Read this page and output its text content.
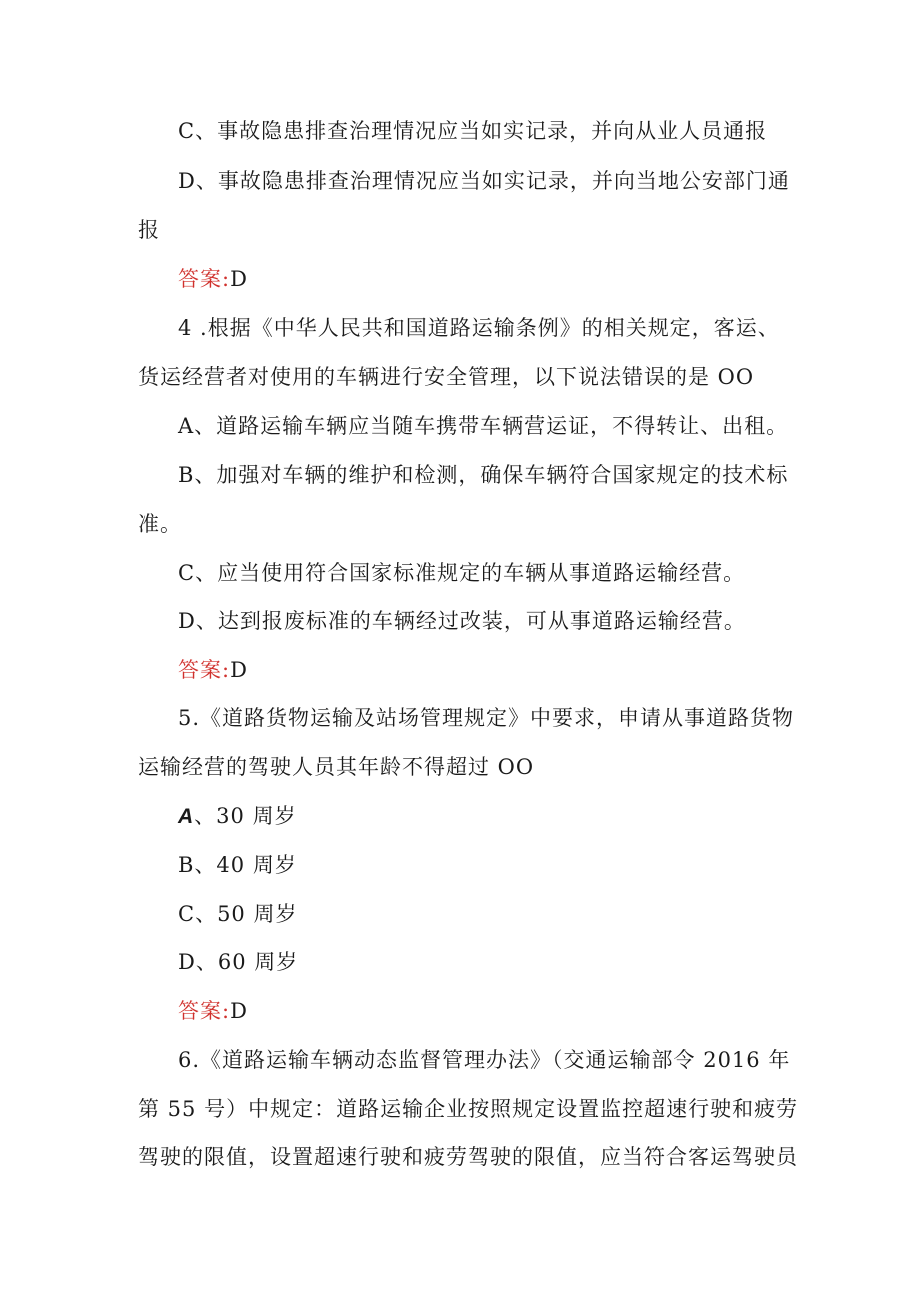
C、事故隐患排查治理情况应当如实记录，并向从业人员通报
D、事故隐患排查治理情况应当如实记录，并向当地公安部门通
报
答案:D
4 .根据《中华人民共和国道路运输条例》的相关规定，客运、
货运经营者对使用的车辆进行安全管理，以下说法错误的是 OO
A、道路运输车辆应当随车携带车辆营运证，不得转让、出租。
B、加强对车辆的维护和检测，确保车辆符合国家规定的技术标
准。
C、应当使用符合国家标准规定的车辆从事道路运输经营。
D、达到报废标准的车辆经过改装，可从事道路运输经营。
答案:D
5.《道路货物运输及站场管理规定》中要求，申请从事道路货物
运输经营的驾驶人员其年龄不得超过 OO
A、30 周岁
B、40 周岁
C、50 周岁
D、60 周岁
答案:D
6.《道路运输车辆动态监督管理办法》（交通运输部令 2016 年
第 55 号）中规定：道路运输企业按照规定设置监控超速行驶和疲劳
驾驶的限值，设置超速行驶和疲劳驾驶的限值，应当符合客运驾驶员
